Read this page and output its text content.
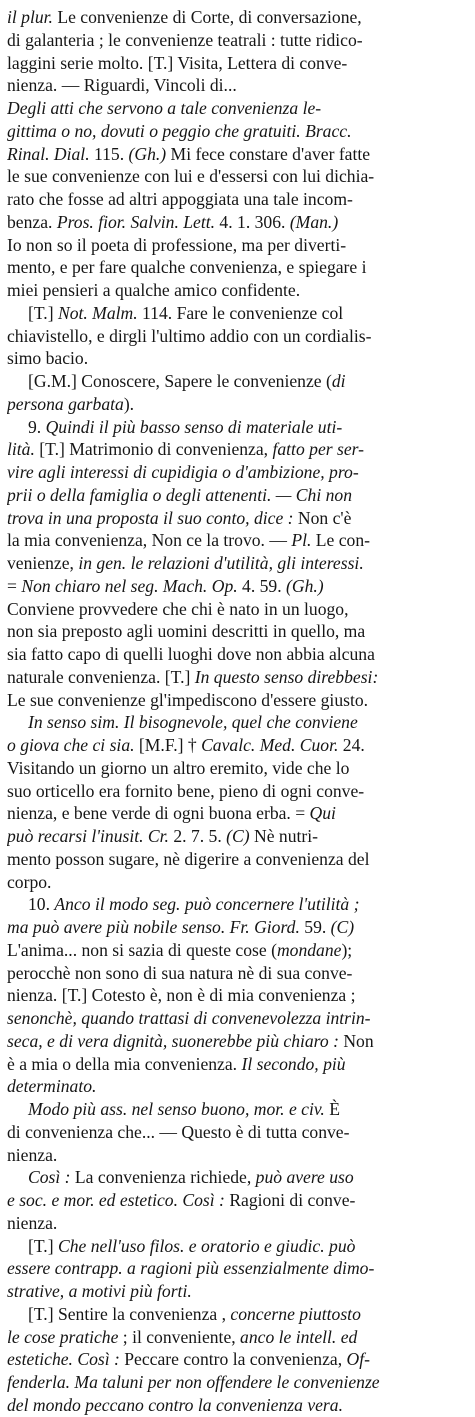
il plur. Le convenienze di Corte, di conversazione,
di galanteria ; le convenienze teatrali : tutte ridico-
laggini serie molto. [T.] Visita, Lettera di conve-
nienza. — Riguardi, Vincoli di...
Degli atti che servono a tale convenienza le-
gittima o no, dovuti o peggio che gratuiti. Bracc.
Rinal. Dial. 115. (Gh.) Mi fece constare d'aver fatte
le sue convenienze con lui e d'essersi con lui dichia-
rato che fosse ad altri appoggiata una tale incom-
benza. Pros. fior. Salvin. Lett. 4. 1. 306. (Man.)
Io non so il poeta di professione, ma per diverti-
mento, e per fare qualche convenienza, e spiegare i
miei pensieri a qualche amico confidente.
[T.] Not. Malm. 114. Fare le convenienze col
chiavistello, e dirgli l'ultimo addio con un cordialis-
simo bacio.
[G.M.] Conoscere, Sapere le convenienze (di
persona garbata).
9. Quindi il più basso senso di materiale uti-
lità. [T.] Matrimonio di convenienza, fatto per ser-
vire agli interessi di cupidigia o d'ambizione, pro-
prii o della famiglia o degli attenenti. — Chi non
trova in una proposta il suo conto, dice : Non c'è
la mia convenienza, Non ce la trovo. — Pl. Le con-
venienze, in gen. le relazioni d'utilità, gli interessi.
= Non chiaro nel seg. Mach. Op. 4. 59. (Gh.)
Conviene provvedere che chi è nato in un luogo,
non sia preposto agli uomini descritti in quello, ma
sia fatto capo di quelli luoghi dove non abbia alcuna
naturale convenienza. [T.] In questo senso direbbesi:
Le sue convenienze gl'impediscono d'essere giusto.
In senso sim. Il bisognevole, quel che conviene
o giova che ci sia. [M.F.] † Cavalc. Med. Cuor. 24.
Visitando un giorno un altro eremito, vide che lo
suo orticello era fornito bene, pieno di ogni conve-
nienza, e bene verde di ogni buona erba. = Qui
può recarsi l'inusit. Cr. 2. 7. 5. (C) Nè nutri-
mento posson sugare, nè digerire a convenienza del
corpo.
10. Anco il modo seg. può concernere l'utilità ;
ma può avere più nobile senso. Fr. Giord. 59. (C)
L'anima... non si sazia di queste cose (mondane);
perocchè non sono di sua natura nè di sua conve-
nienza. [T.] Cotesto è, non è di mia convenienza ;
senonchè, quando trattasi di convenevolezza intrin-
seca, e di vera dignità, suonerebbe più chiaro : Non
è a mia o della mia convenienza. Il secondo, più
determinato.
Modo più ass. nel senso buono, mor. e civ. È
di convenienza che... — Questo è di tutta conve-
nienza.
Così : La convenienza richiede, può avere uso
e soc. e mor. ed estetico. Così : Ragioni di conve-
nienza.
[T.] Che nell'uso filos. e oratorio e giudic. può
essere contrapp. a ragioni più essenzialmente dimo-
strative, a motivi più forti.
[T.] Sentire la convenienza , concerne piuttosto
le cose pratiche ; il conveniente, anco le intell. ed
estetiche. Così : Peccare contro la convenienza, Of-
fenderla. Ma taluni per non offendere le convenienze
del mondo peccano contro la convenienza vera.
